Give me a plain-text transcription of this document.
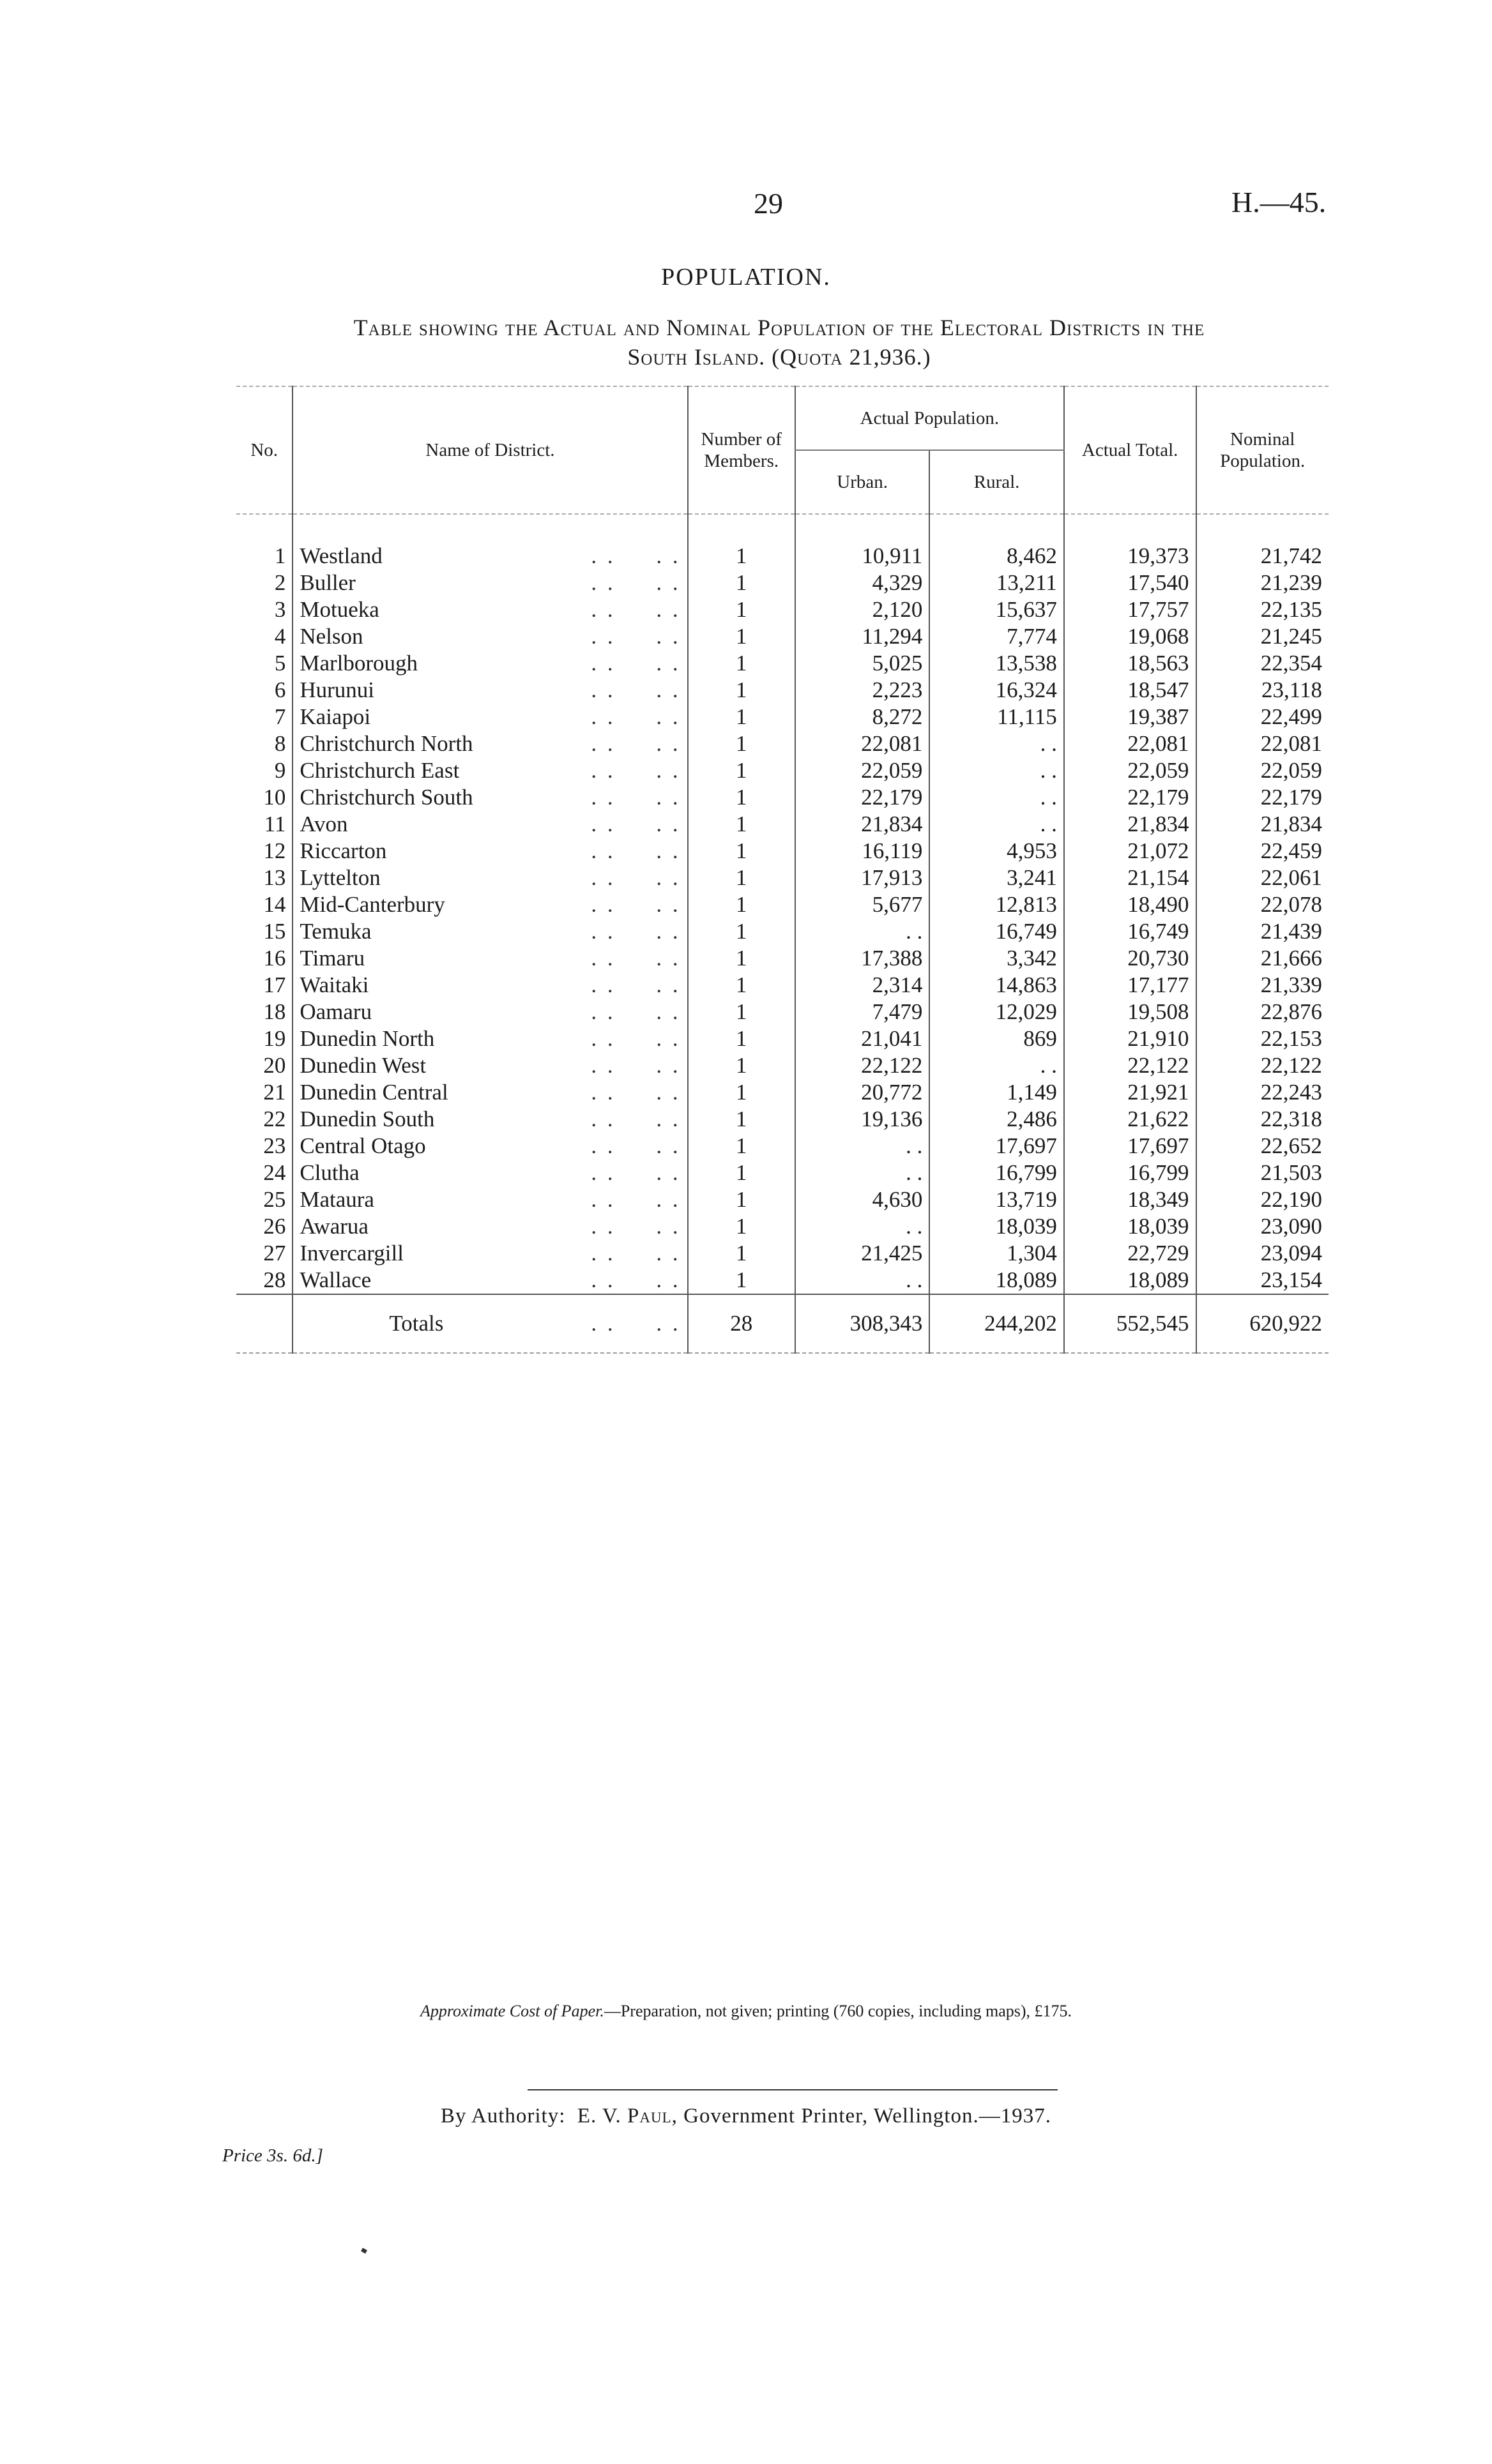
29	H.—45.
POPULATION.
Table showing the Actual and Nominal Population of the Electoral Districts in the
South Island. (Quota 21,936.)
No.	Name of District.	Number of Members.	Actual Population.		Actual Total.	Nominal Population.
			Urban.	Rural.		

1	Westland . . . .	1	10,911	8,462	19,373	21,742
2	Buller . . . .	1	4,329	13,211	17,540	21,239
3	Motueka . . . .	1	2,120	15,637	17,757	22,135
4	Nelson . . . .	1	11,294	7,774	19,068	21,245
5	Marlborough . . . .	1	5,025	13,538	18,563	22,354
6	Hurunui . . . .	1	2,223	16,324	18,547	23,118
7	Kaiapoi . . . .	1	8,272	11,115	19,387	22,499
8	Christchurch North . . . .	1	22,081	. .	22,081	22,081
9	Christchurch East . . . .	1	22,059	. .	22,059	22,059
10	Christchurch South . . . .	1	22,179	. .	22,179	22,179
11	Avon . . . .	1	21,834	. .	21,834	21,834
12	Riccarton . . . .	1	16,119	4,953	21,072	22,459
13	Lyttelton . . . .	1	17,913	3,241	21,154	22,061
14	Mid-Canterbury . . . .	1	5,677	12,813	18,490	22,078
15	Temuka . . . .	1	. .	16,749	16,749	21,439
16	Timaru . . . .	1	17,388	3,342	20,730	21,666
17	Waitaki . . . .	1	2,314	14,863	17,177	21,339
18	Oamaru . . . .	1	7,479	12,029	19,508	22,876
19	Dunedin North . . . .	1	21,041	869	21,910	22,153
20	Dunedin West . . . .	1	22,122	. .	22,122	22,122
21	Dunedin Central . . . .	1	20,772	1,149	21,921	22,243
22	Dunedin South . . . .	1	19,136	2,486	21,622	22,318
23	Central Otago . . . .	1	. .	17,697	17,697	22,652
24	Clutha . . . .	1	. .	16,799	16,799	21,503
25	Mataura . . . .	1	4,630	13,719	18,349	22,190
26	Awarua . . . .	1	. .	18,039	18,039	23,090
27	Invercargill . . . .	1	21,425	1,304	22,729	23,094
28	Wallace . . . .	1	. .	18,089	18,089	23,154
	Totals . . . .	28	308,343	244,202	552,545	620,922
Approximate Cost of Paper.—Preparation, not given; printing (760 copies, including maps), £175.
By Authority: E. V. Paul, Government Printer, Wellington.—1937.
Price 3s. 6d.]
